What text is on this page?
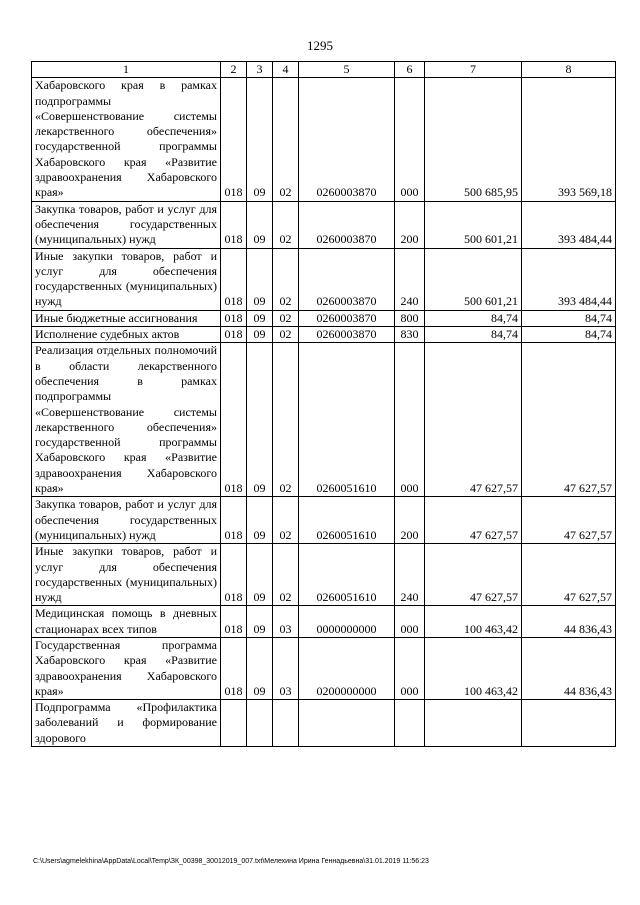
1295
1	2	3	4	5	6	7	8
Хабаровского края в рамках подпрограммы «Совершенствование системы лекарственного обеспечения» государственной программы Хабаровского края «Развитие здравоохранения Хабаровского края»	018	09	02	0260003870	000	500 685,95	393 569,18
Закупка товаров, работ и услуг для обеспечения государственных (муниципальных) нужд	018	09	02	0260003870	200	500 601,21	393 484,44
Иные закупки товаров, работ и услуг для обеспечения государственных (муниципальных) нужд	018	09	02	0260003870	240	500 601,21	393 484,44
Иные бюджетные ассигнования	018	09	02	0260003870	800	84,74	84,74
Исполнение судебных актов	018	09	02	0260003870	830	84,74	84,74
Реализация отдельных полномочий в области лекарственного обеспечения в рамках подпрограммы «Совершенствование системы лекарственного обеспечения» государственной программы Хабаровского края «Развитие здравоохранения Хабаровского края»	018	09	02	0260051610	000	47 627,57	47 627,57
Закупка товаров, работ и услуг для обеспечения государственных (муниципальных) нужд	018	09	02	0260051610	200	47 627,57	47 627,57
Иные закупки товаров, работ и услуг для обеспечения государственных (муниципальных) нужд	018	09	02	0260051610	240	47 627,57	47 627,57
Медицинская помощь в дневных стационарах всех типов	018	09	03	0000000000	000	100 463,42	44 836,43
Государственная программа Хабаровского края «Развитие здравоохранения Хабаровского края»	018	09	03	0200000000	000	100 463,42	44 836,43
Подпрограмма «Профилактика заболеваний и формирование здорового							
C:\Users\agmelekhina\AppData\Local\Temp\ЗК_00398_30012019_007.txt\Мелехина Ирина Геннадьевна\31.01.2019 11:56:23
